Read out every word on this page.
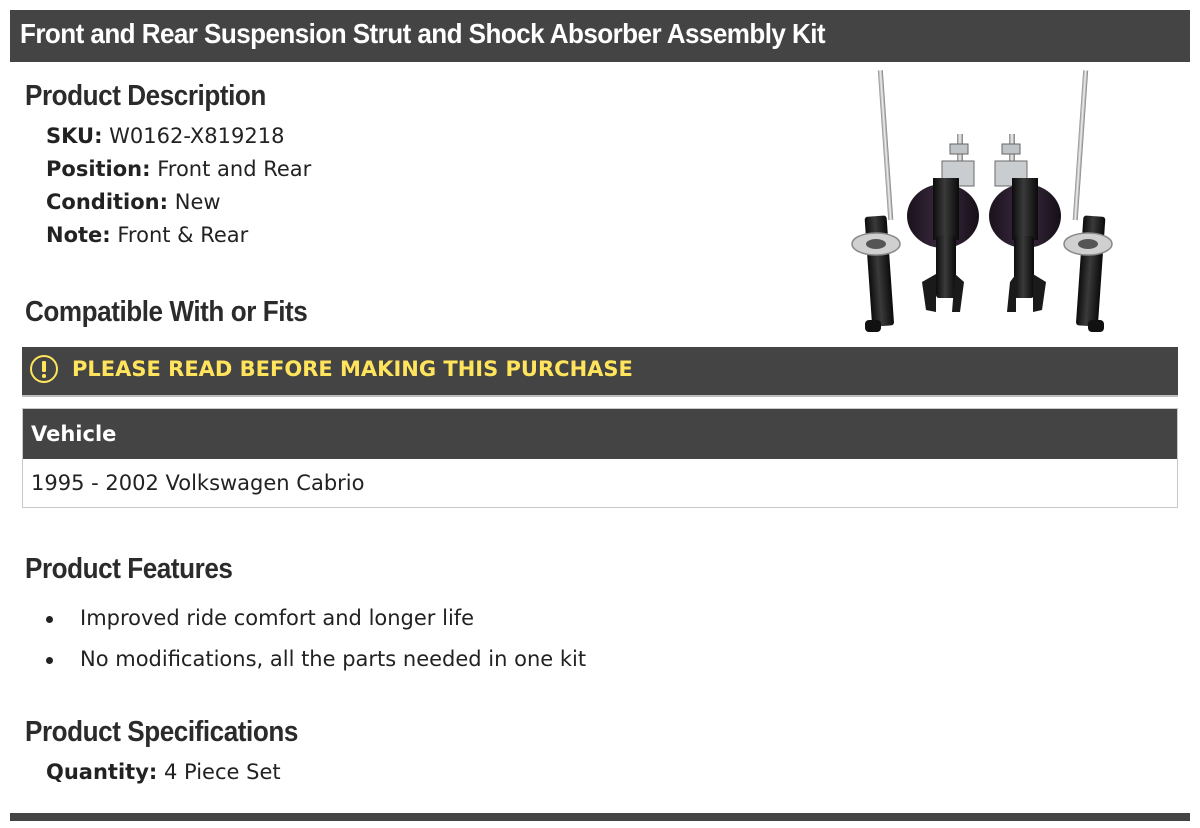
Front and Rear Suspension Strut and Shock Absorber Assembly Kit
Product Description
SKU: W0162-X819218
Position: Front and Rear
Condition: New
Note: Front & Rear
Compatible With or Fits
PLEASE READ BEFORE MAKING THIS PURCHASE
Vehicle
1995 - 2002 Volkswagen Cabrio
Product Features
Improved ride comfort and longer life
No modifications, all the parts needed in one kit
Product Specifications
Quantity: 4 Piece Set
